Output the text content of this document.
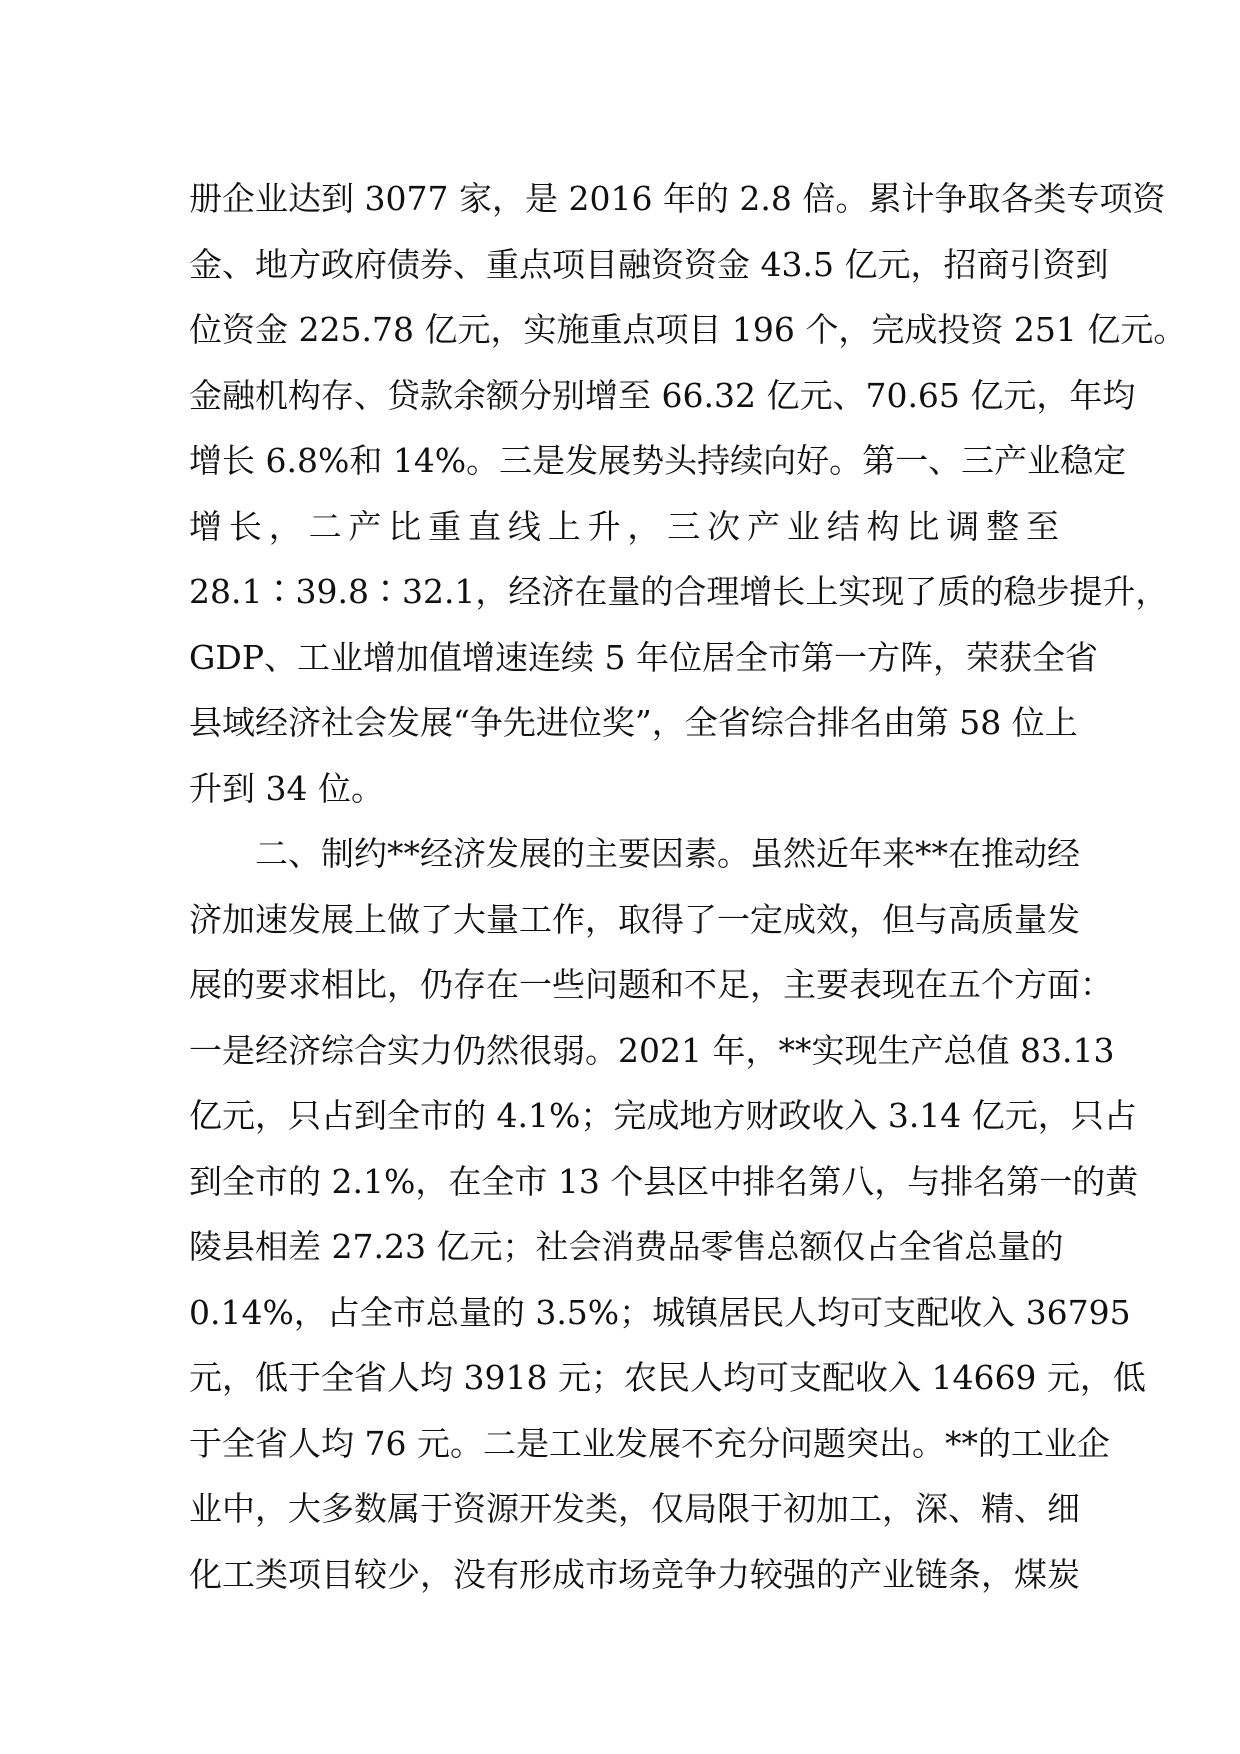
册企业达到 3077 家，是 2016 年的 2.8 倍。累计争取各类专项资
金、地方政府债券、重点项目融资资金 43.5 亿元，招商引资到
位资金 225.78 亿元，实施重点项目 196 个，完成投资 251 亿元。
金融机构存、贷款余额分别增至 66.32 亿元、70.65 亿元，年均
增长 6.8%和 14%。三是发展势头持续向好。第一、三产业稳定
增长，二产比重直线上升，三次产业结构比调整至
28.1∶39.8∶32.1，经济在量的合理增长上实现了质的稳步提升，
GDP、工业增加值增速连续 5 年位居全市第一方阵，荣获全省
县域经济社会发展“争先进位奖”，全省综合排名由第 58 位上
升到 34 位。
　　二、制约**经济发展的主要因素。虽然近年来**在推动经
济加速发展上做了大量工作，取得了一定成效，但与高质量发
展的要求相比，仍存在一些问题和不足，主要表现在五个方面：
一是经济综合实力仍然很弱。2021 年，**实现生产总值 83.13
亿元，只占到全市的 4.1%；完成地方财政收入 3.14 亿元，只占
到全市的 2.1%，在全市 13 个县区中排名第八，与排名第一的黄
陵县相差 27.23 亿元；社会消费品零售总额仅占全省总量的
0.14%，占全市总量的 3.5%；城镇居民人均可支配收入 36795
元，低于全省人均 3918 元；农民人均可支配收入 14669 元，低
于全省人均 76 元。二是工业发展不充分问题突出。**的工业企
业中，大多数属于资源开发类，仅局限于初加工，深、精、细
化工类项目较少，没有形成市场竞争力较强的产业链条，煤炭
